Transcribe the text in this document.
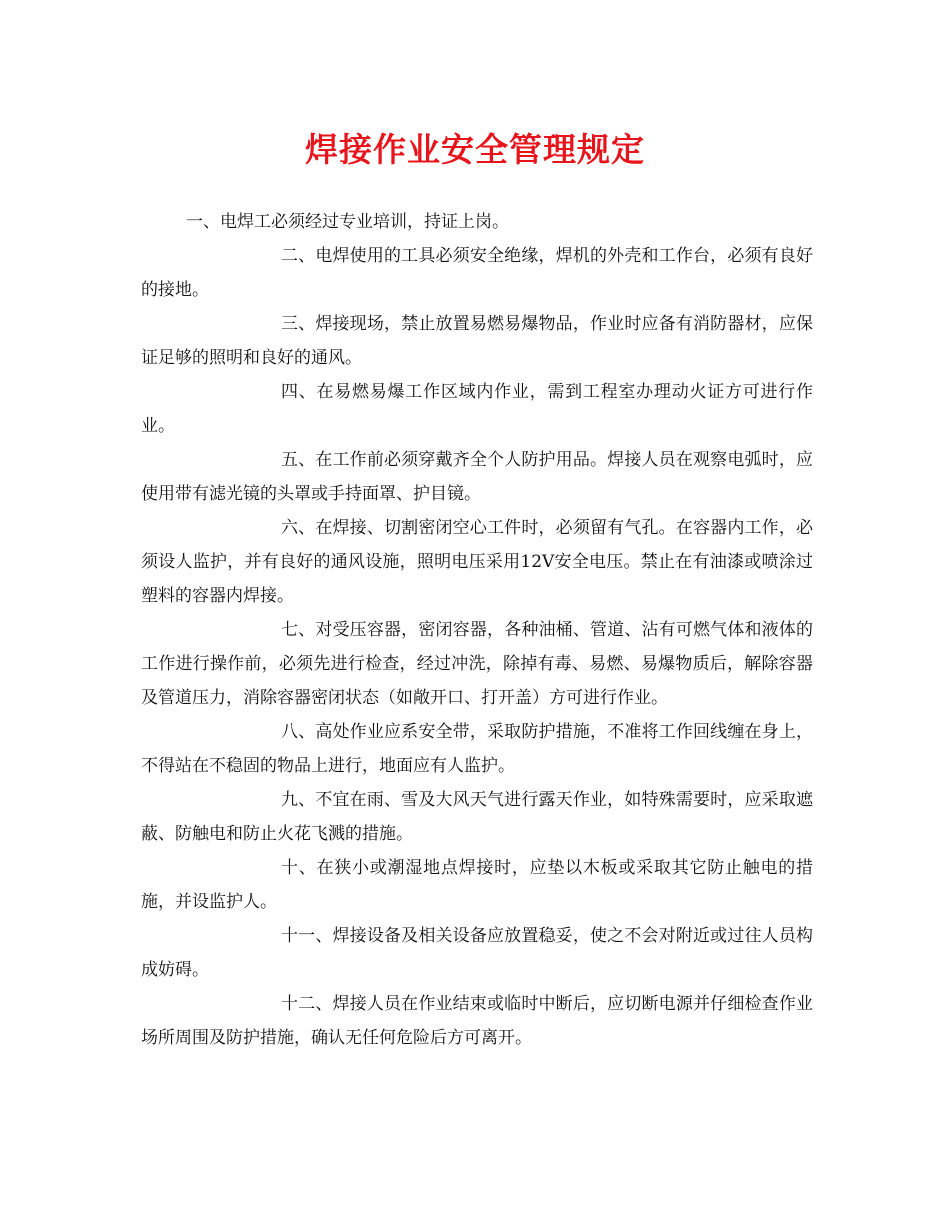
焊接作业安全管理规定

一、电焊工必须经过专业培训，持证上岗。

二、电焊使用的工具必须安全绝缘，焊机的外壳和工作台，必须有良好的接地。

三、焊接现场，禁止放置易燃易爆物品，作业时应备有消防器材，应保证足够的照明和良好的通风。

四、在易燃易爆工作区域内作业，需到工程室办理动火证方可进行作业。

五、在工作前必须穿戴齐全个人防护用品。焊接人员在观察电弧时，应使用带有滤光镜的头罩或手持面罩、护目镜。

六、在焊接、切割密闭空心工件时，必须留有气孔。在容器内工作，必须设人监护，并有良好的通风设施，照明电压采用12V安全电压。禁止在有油漆或喷涂过塑料的容器内焊接。

七、对受压容器，密闭容器，各种油桶、管道、沾有可燃气体和液体的工作进行操作前，必须先进行检查，经过冲洗，除掉有毒、易燃、易爆物质后，解除容器及管道压力，消除容器密闭状态（如敞开口、打开盖）方可进行作业。

八、高处作业应系安全带，采取防护措施，不准将工作回线缠在身上，不得站在不稳固的物品上进行，地面应有人监护。

九、不宜在雨、雪及大风天气进行露天作业，如特殊需要时，应采取遮蔽、防触电和防止火花飞溅的措施。

十、在狭小或潮湿地点焊接时，应垫以木板或采取其它防止触电的措施，并设监护人。

十一、焊接设备及相关设备应放置稳妥，使之不会对附近或过往人员构成妨碍。

十二、焊接人员在作业结束或临时中断后，应切断电源并仔细检查作业场所周围及防护措施，确认无任何危险后方可离开。
